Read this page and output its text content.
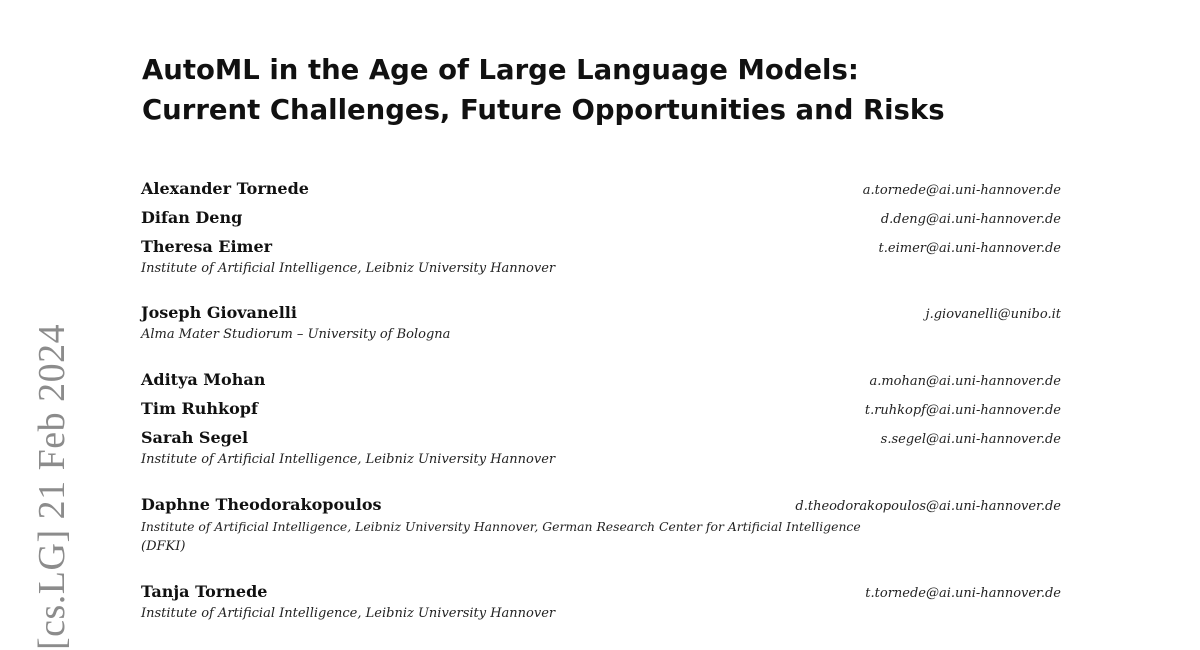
[cs.LG] 21 Feb 2024
AutoML in the Age of Large Language Models:
Current Challenges, Future Opportunities and Risks
Alexander Tornede	a.tornede@ai.uni-hannover.de
Difan Deng	d.deng@ai.uni-hannover.de
Theresa Eimer	t.eimer@ai.uni-hannover.de
Institute of Artificial Intelligence, Leibniz University Hannover
Joseph Giovanelli	j.giovanelli@unibo.it
Alma Mater Studiorum – University of Bologna
Aditya Mohan	a.mohan@ai.uni-hannover.de
Tim Ruhkopf	t.ruhkopf@ai.uni-hannover.de
Sarah Segel	s.segel@ai.uni-hannover.de
Institute of Artificial Intelligence, Leibniz University Hannover
Daphne Theodorakopoulos	d.theodorakopoulos@ai.uni-hannover.de
Institute of Artificial Intelligence, Leibniz University Hannover, German Research Center for Artificial Intelligence
(DFKI)
Tanja Tornede	t.tornede@ai.uni-hannover.de
Institute of Artificial Intelligence, Leibniz University Hannover
